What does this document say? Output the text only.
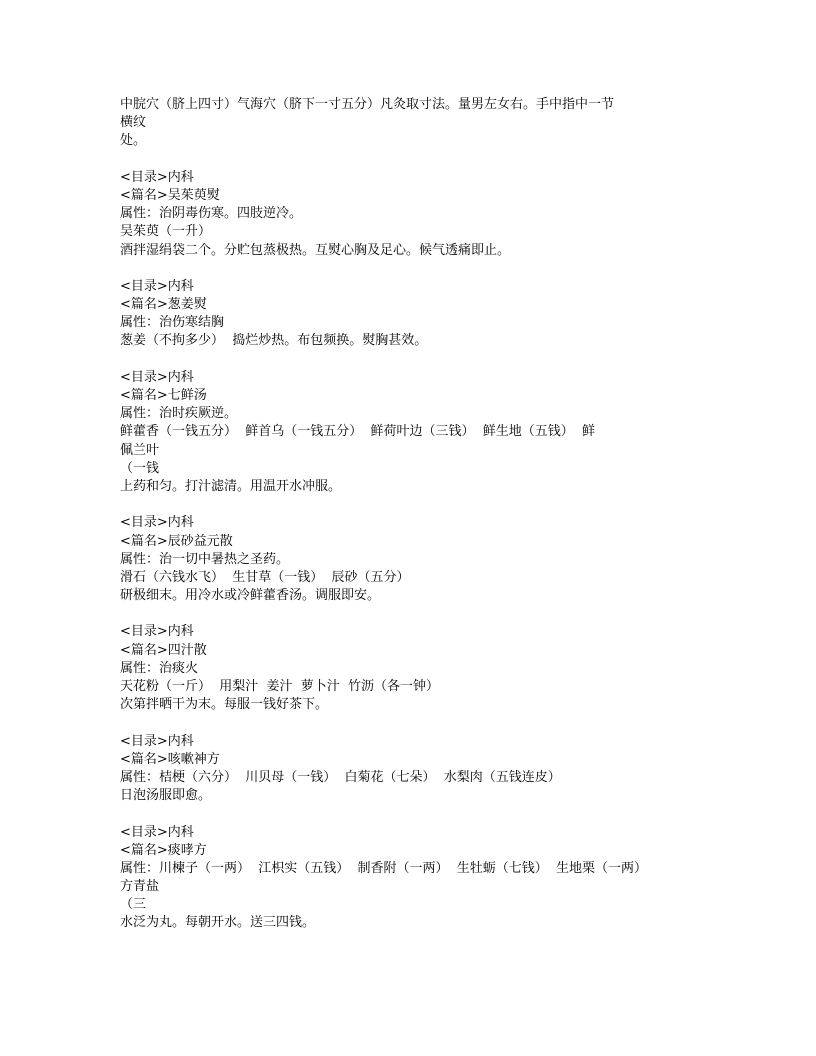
中脘穴（脐上四寸）气海穴（脐下一寸五分）凡灸取寸法。量男左女右。手中指中一节
横纹
处。
<目录>内科
<篇名>吴茱萸熨
属性：治阴毒伤寒。四肢逆冷。
吴茱萸（一升）
酒拌湿绢袋二个。分贮包蒸极热。互熨心胸及足心。候气透痛即止。
<目录>内科
<篇名>葱姜熨
属性：治伤寒结胸
葱姜（不拘多少）  捣烂炒热。布包频换。熨胸甚效。
<目录>内科
<篇名>七鲜汤
属性：治时疾厥逆。
鲜藿香（一钱五分）  鲜首乌（一钱五分）  鲜荷叶边（三钱）  鲜生地（五钱）  鲜
佩兰叶
（一钱
上药和匀。打汁滤清。用温开水冲服。
<目录>内科
<篇名>辰砂益元散
属性：治一切中暑热之圣药。
滑石（六钱水飞）  生甘草（一钱）  辰砂（五分）
研极细末。用冷水或冷鲜藿香汤。调服即安。
<目录>内科
<篇名>四汁散
属性：治痰火
天花粉（一斤）  用梨汁  姜汁  萝卜汁  竹沥（各一钟）
次第拌晒干为末。每服一钱好茶下。
<目录>内科
<篇名>咳嗽神方
属性：桔梗（六分）  川贝母（一钱）  白菊花（七朵）  水梨肉（五钱连皮）
日泡汤服即愈。
<目录>内科
<篇名>痰哮方
属性：川楝子（一两）  江枳实（五钱）  制香附（一两）  生牡蛎（七钱）  生地栗（一两）
方青盐
（三
水泛为丸。每朝开水。送三四钱。
